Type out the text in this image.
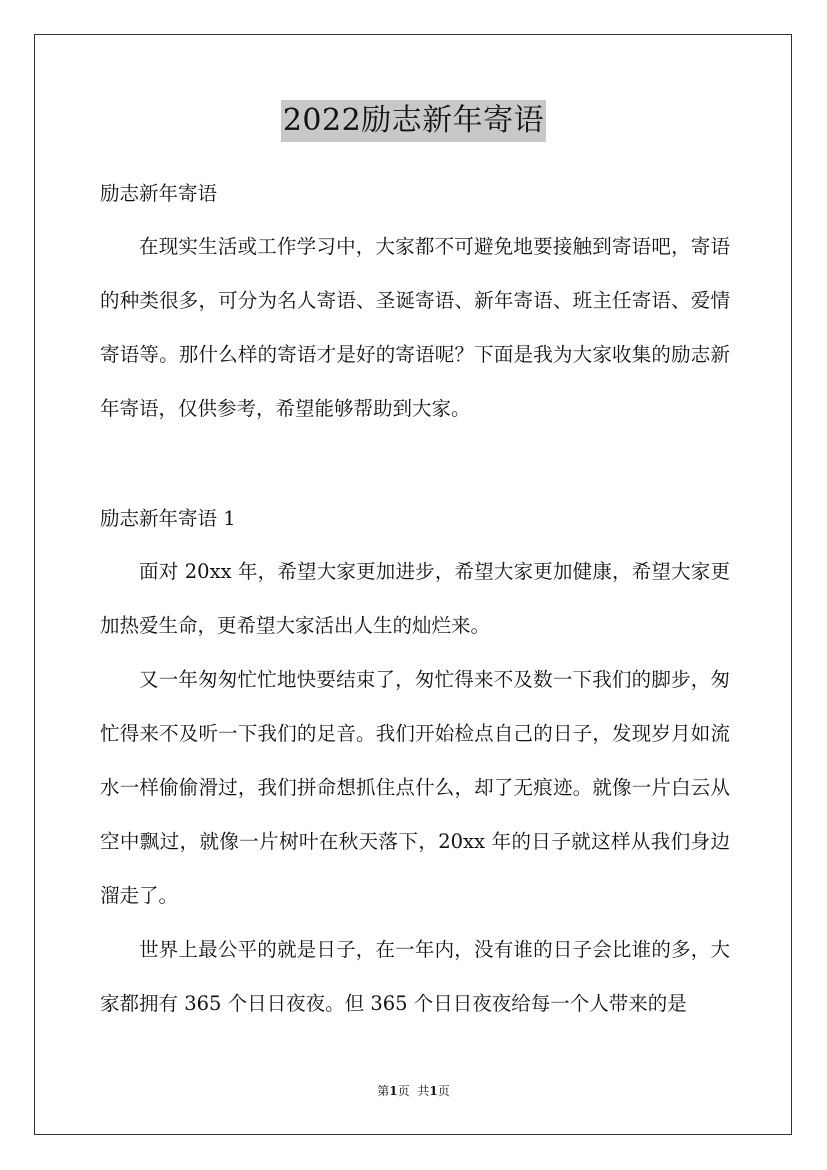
2022励志新年寄语

励志新年寄语

在现实生活或工作学习中，大家都不可避免地要接触到寄语吧，寄语的种类很多，可分为名人寄语、圣诞寄语、新年寄语、班主任寄语、爱情寄语等。那什么样的寄语才是好的寄语呢？下面是我为大家收集的励志新年寄语，仅供参考，希望能够帮助到大家。

励志新年寄语 1

面对 20xx 年，希望大家更加进步，希望大家更加健康，希望大家更加热爱生命，更希望大家活出人生的灿烂来。

又一年匆匆忙忙地快要结束了，匆忙得来不及数一下我们的脚步，匆忙得来不及听一下我们的足音。我们开始检点自己的日子，发现岁月如流水一样偷偷滑过，我们拼命想抓住点什么，却了无痕迹。就像一片白云从空中飘过，就像一片树叶在秋天落下，20xx 年的日子就这样从我们身边溜走了。

世界上最公平的就是日子，在一年内，没有谁的日子会比谁的多，大家都拥有 365 个日日夜夜。但 365 个日日夜夜给每一个人带来的是

第1页 共1页
